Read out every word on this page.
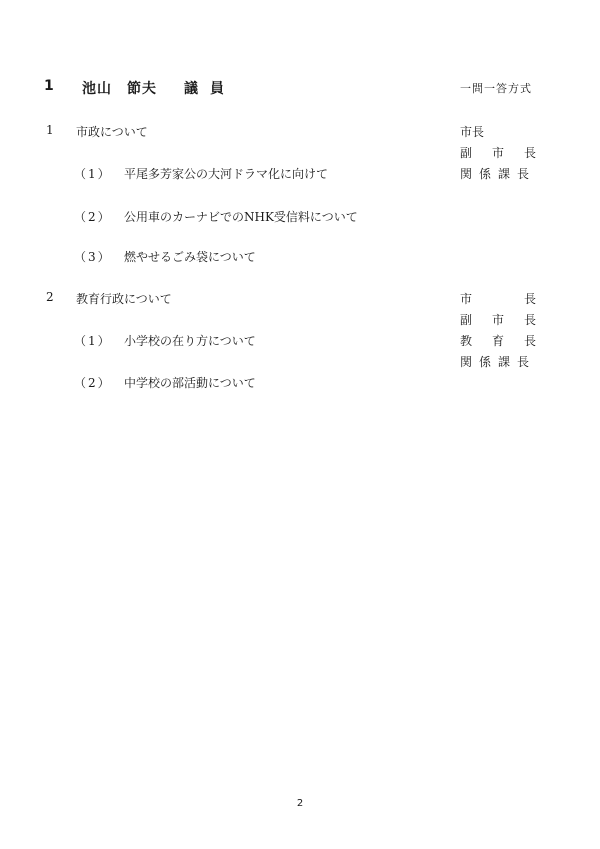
1 池山　節夫 議員	一問一答方式
1 市政について
（1） 平尾多芳家公の大河ドラマ化に向けて
（2） 公用車のカーナビでのNHK受信料について
（3） 燃やせるごみ袋について
市長
副市長
関係課長
2 教育行政について
（1） 小学校の在り方について
（2） 中学校の部活動について
市長
副市長
教育長
関係課長
2
